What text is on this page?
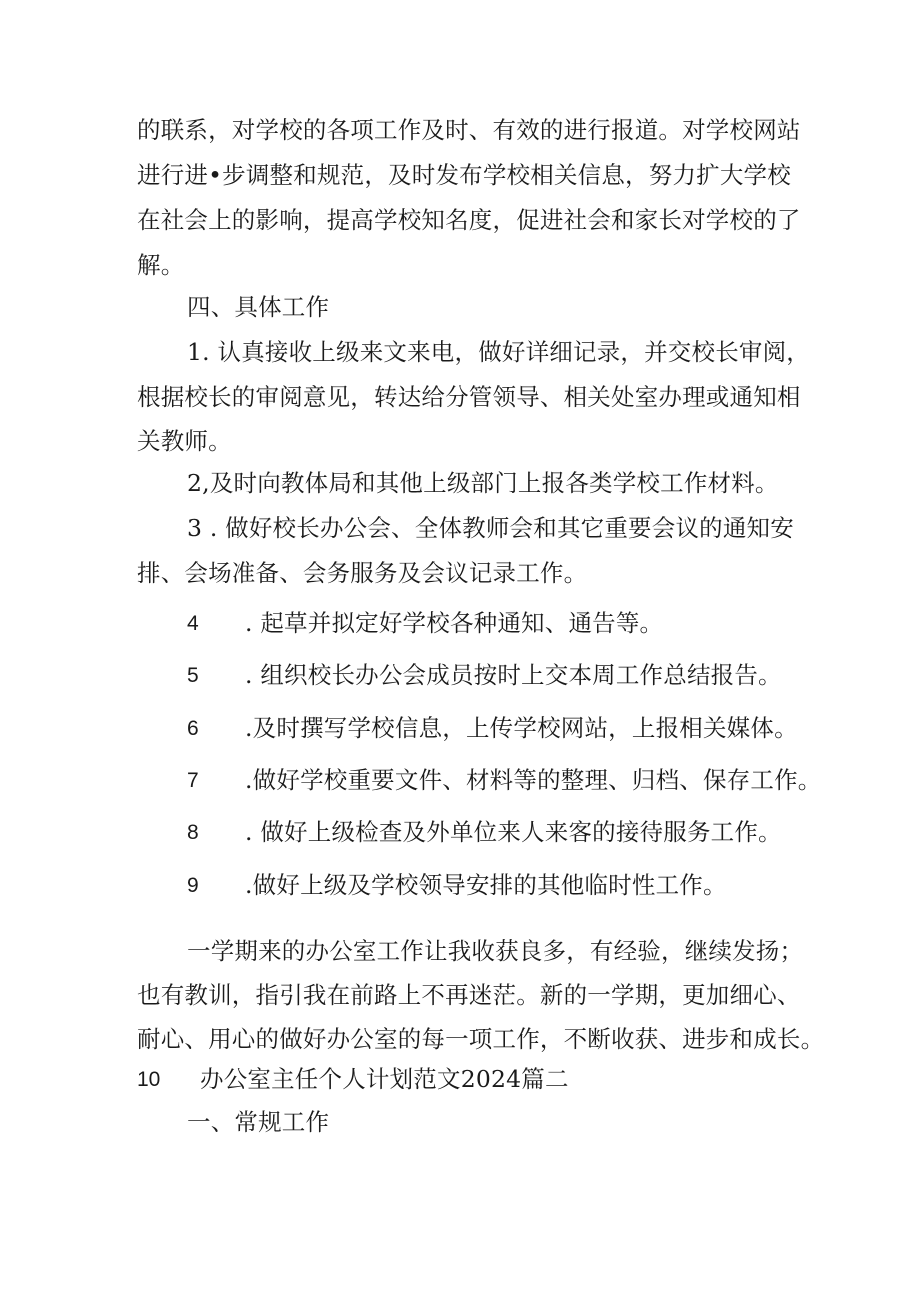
的联系，对学校的各项工作及时、有效的进行报道。对学校网站
进行进•步调整和规范，及时发布学校相关信息，努力扩大学校
在社会上的影响，提高学校知名度，促进社会和家长对学校的了
解。
四、具体工作
1. 认真接收上级来文来电，做好详细记录，并交校长审阅，
根据校长的审阅意见，转达给分管领导、相关处室办理或通知相
关教师。
2,及时向教体局和其他上级部门上报各类学校工作材料。
3 . 做好校长办公会、全体教师会和其它重要会议的通知安
排、会场准备、会务服务及会议记录工作。
4 . 起草并拟定好学校各种通知、通告等。
5 . 组织校长办公会成员按时上交本周工作总结报告。
6 .及时撰写学校信息，上传学校网站，上报相关媒体。
7 .做好学校重要文件、材料等的整理、归档、保存工作。
8 . 做好上级检查及外单位来人来客的接待服务工作。
9 .做好上级及学校领导安排的其他临时性工作。
一学期来的办公室工作让我收获良多，有经验，继续发扬；
也有教训，指引我在前路上不再迷茫。新的一学期，更加细心、
耐心、用心的做好办公室的每一项工作，不断收获、进步和成长。
10 办公室主任个人计划范文2024篇二
一、常规工作
